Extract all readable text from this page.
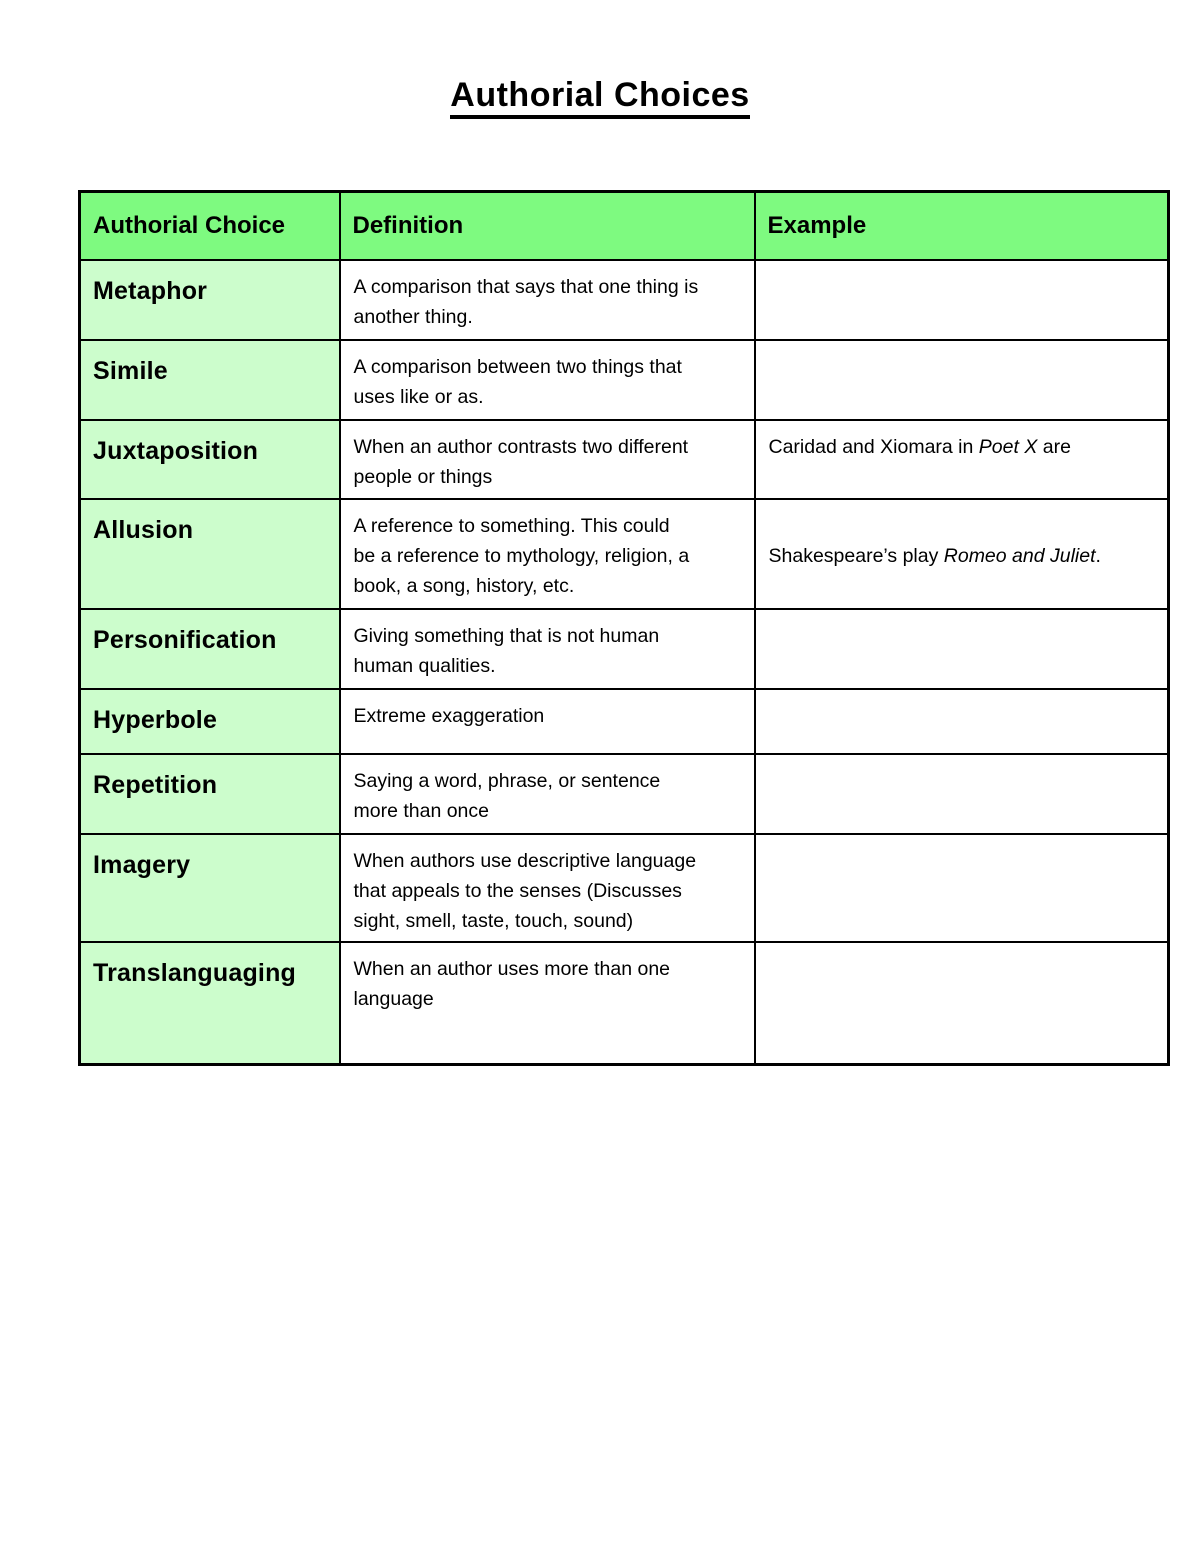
Authorial Choices
Authorial Choice	Definition	Example
Metaphor	A comparison that says that one thing is
another thing.	

Simile	A comparison between two things that
uses like or as.	

Juxtaposition	When an author contrasts two different
people or things	Caridad and Xiomara in Poet X are

Allusion	A reference to something. This could
be a reference to mythology, religion, a
book, a song, history, etc.	Shakespeare’s play Romeo and Juliet.
Personification	Giving something that is not human
human qualities.	
Hyperbole	Extreme exaggeration	
Repetition	Saying a word, phrase, or sentence
more than once	

Imagery	When authors use descriptive language
that appeals to the senses (Discusses
sight, smell, taste, touch, sound)	

Translanguaging	When an author uses more than one
language	
